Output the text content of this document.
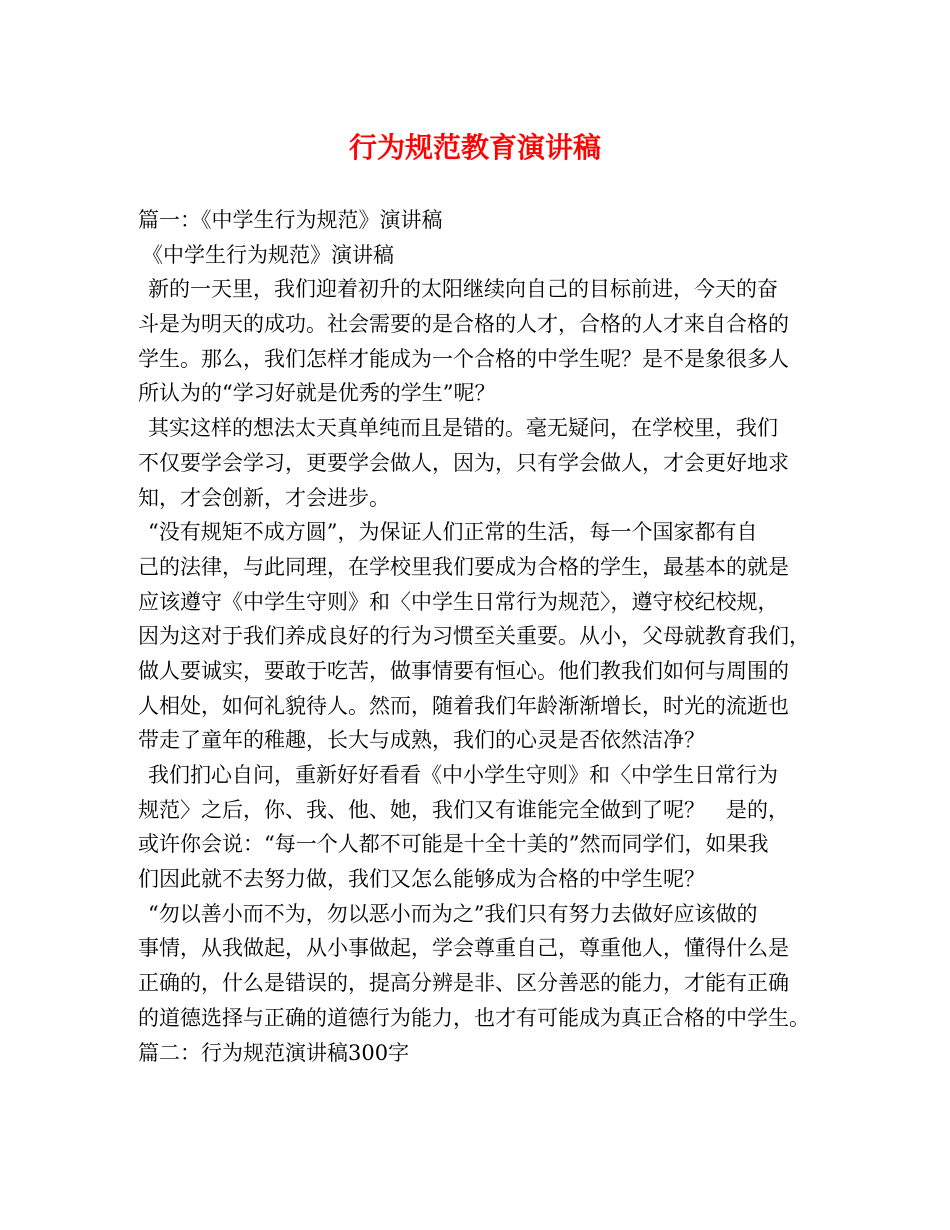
行为规范教育演讲稿
篇一：《中学生行为规范》演讲稿
《中学生行为规范》演讲稿
新的一天里，我们迎着初升的太阳继续向自己的目标前进，今天的奋
斗是为明天的成功。社会需要的是合格的人才，合格的人才来自合格的
学生。那么，我们怎样才能成为一个合格的中学生呢？是不是象很多人
所认为的“学习好就是优秀的学生”呢？
其实这样的想法太天真单纯而且是错的。毫无疑问，在学校里，我们
不仅要学会学习，更要学会做人，因为，只有学会做人，才会更好地求
知，才会创新，才会进步。
“没有规矩不成方圆”，为保证人们正常的生活，每一个国家都有自
己的法律，与此同理，在学校里我们要成为合格的学生，最基本的就是
应该遵守《中学生守则》和〈中学生日常行为规范〉，遵守校纪校规，
因为这对于我们养成良好的行为习惯至关重要。从小，父母就教育我们，
做人要诚实，要敢于吃苦，做事情要有恒心。他们教我们如何与周围的
人相处，如何礼貌待人。然而，随着我们年龄渐渐增长，时光的流逝也
带走了童年的稚趣，长大与成熟，我们的心灵是否依然洁净？
我们扪心自问，重新好好看看《中小学生守则》和〈中学生日常行为
规范〉之后，你、我、他、她，我们又有谁能完全做到了呢？　是的，
或许你会说：“每一个人都不可能是十全十美的”然而同学们，如果我
们因此就不去努力做，我们又怎么能够成为合格的中学生呢？
“勿以善小而不为，勿以恶小而为之”我们只有努力去做好应该做的
事情，从我做起，从小事做起，学会尊重自己，尊重他人，懂得什么是
正确的，什么是错误的，提高分辨是非、区分善恶的能力，才能有正确
的道德选择与正确的道德行为能力，也才有可能成为真正合格的中学生。
篇二：行为规范演讲稿300字
